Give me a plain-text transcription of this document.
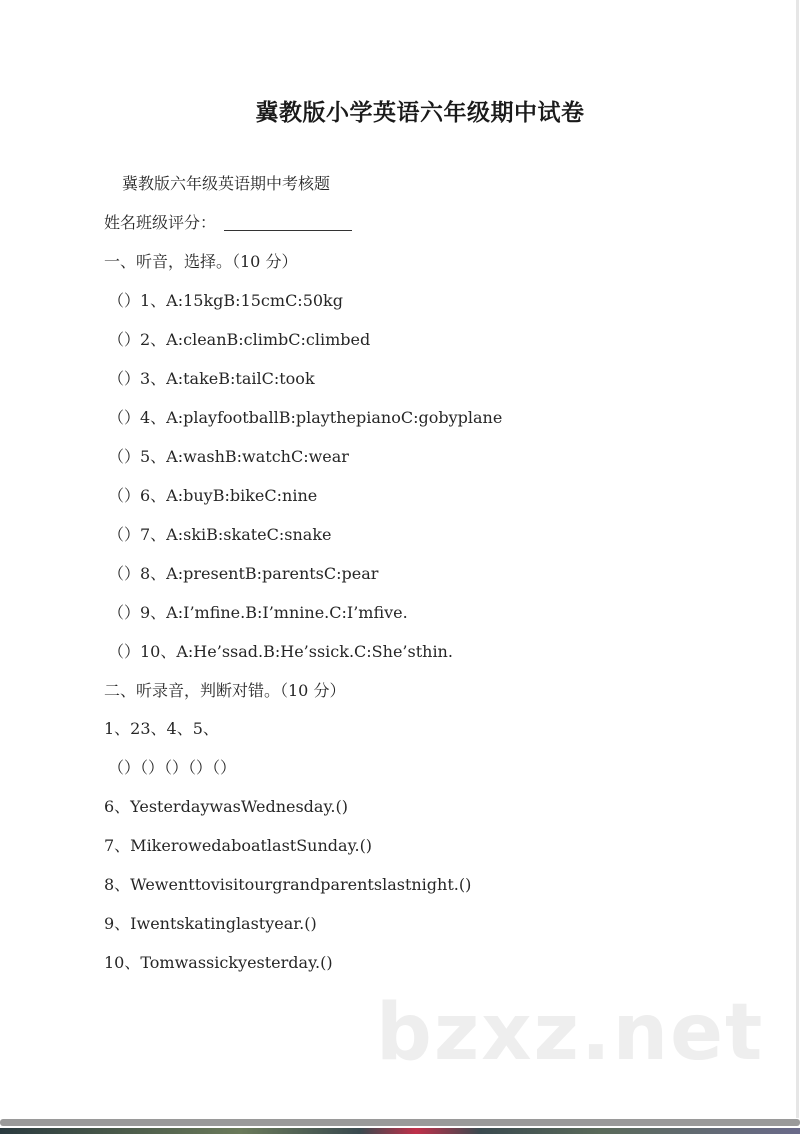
冀教版小学英语六年级期中试卷
冀教版六年级英语期中考核题
姓名班级评分：
一、听音，选择。（10 分）
（）1、A:15kgB:15cmC:50kg
（）2、A:cleanB:climbC:climbed
（）3、A:takeB:tailC:took
（）4、A:playfootballB:playthepianoC:gobyplane
（）5、A:washB:watchC:wear
（）6、A:buyB:bikeC:nine
（）7、A:skiB:skateC:snake
（）8、A:presentB:parentsC:pear
（）9、A:I’mfine.B:I’mnine.C:I’mfive.
（）10、A:He’ssad.B:He’ssick.C:She’sthin.
二、听录音，判断对错。（10 分）
1、23、4、5、
（）（）（）（）（）
6、YesterdaywasWednesday.()
7、MikerowedaboatlastSunday.()
8、Wewenttovisitourgrandparentslastnight.()
9、Iwentskatinglastyear.()
10、Tomwassickyesterday.()
bzxz.net
